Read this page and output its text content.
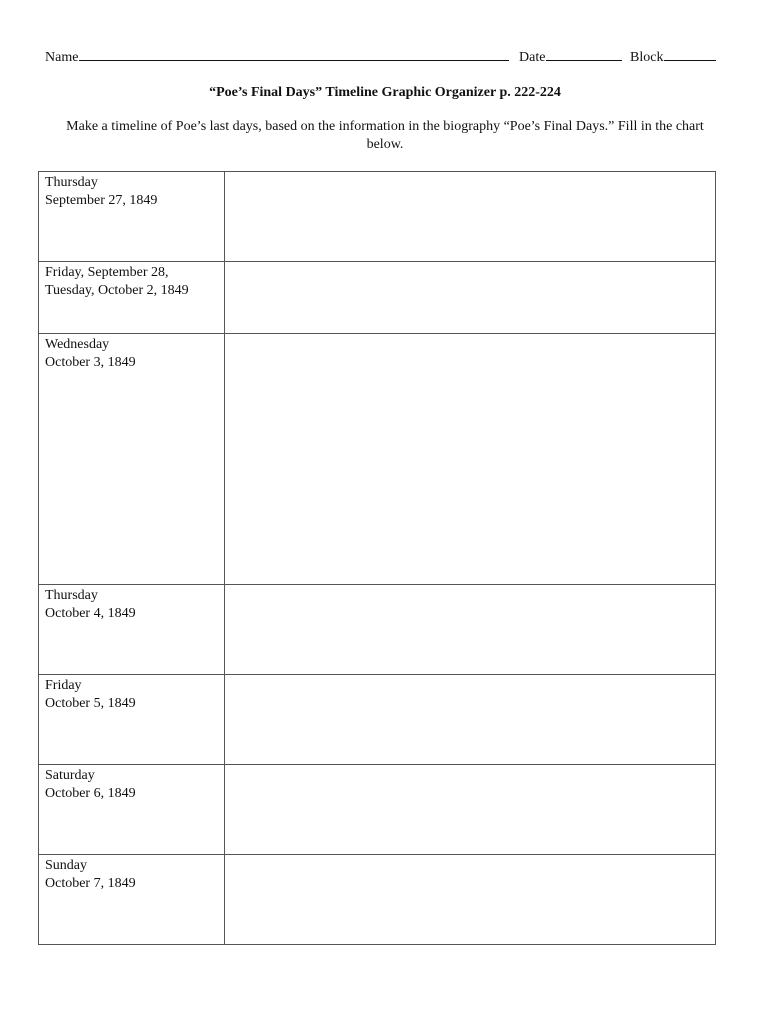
Name	Date	Block
“Poe’s Final Days” Timeline Graphic Organizer p. 222-224
Make a timeline of Poe’s last days, based on the information in the biography “Poe’s Final Days.” Fill in the chart below.
Thursday
September 27, 1849	

Friday, September 28,
Tuesday, October 2, 1849	

Wednesday
October 3, 1849	

Thursday
October 4, 1849	

Friday
October 5, 1849	

Saturday
October 6, 1849	

Sunday
October 7, 1849	
